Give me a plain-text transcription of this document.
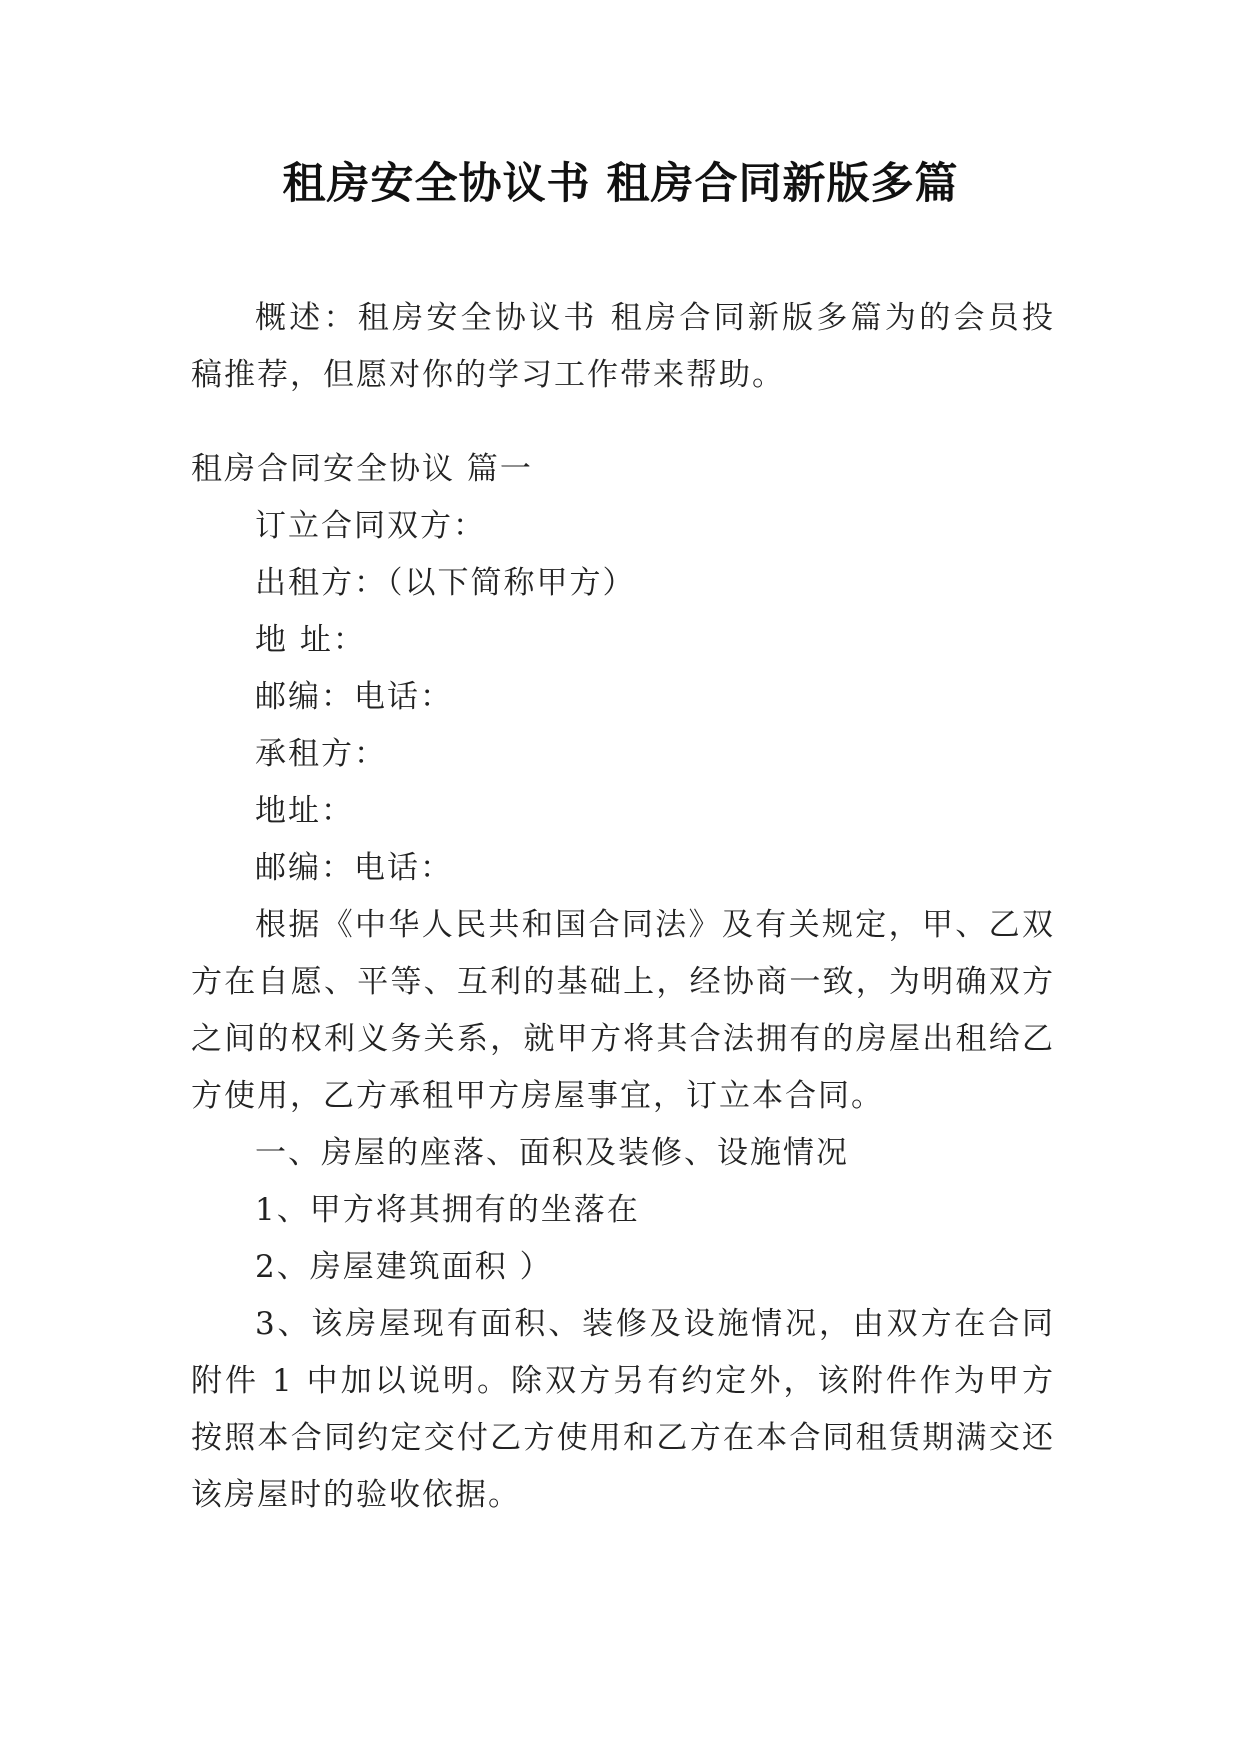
租房安全协议书 租房合同新版多篇

概述：租房安全协议书 租房合同新版多篇为的会员投稿推荐，但愿对你的学习工作带来帮助。

租房合同安全协议 篇一

订立合同双方：

出租方：（以下简称甲方）

地 址：

邮编：电话：

承租方：

地址：

邮编：电话：

根据《中华人民共和国合同法》及有关规定，甲、乙双方在自愿、平等、互利的基础上，经协商一致，为明确双方之间的权利义务关系，就甲方将其合法拥有的房屋出租给乙方使用，乙方承租甲方房屋事宜，订立本合同。

一、房屋的座落、面积及装修、设施情况

1、甲方将其拥有的坐落在

2、房屋建筑面积 ）

3、该房屋现有面积、装修及设施情况，由双方在合同附件 1 中加以说明。除双方另有约定外，该附件作为甲方按照本合同约定交付乙方使用和乙方在本合同租赁期满交还该房屋时的验收依据。
